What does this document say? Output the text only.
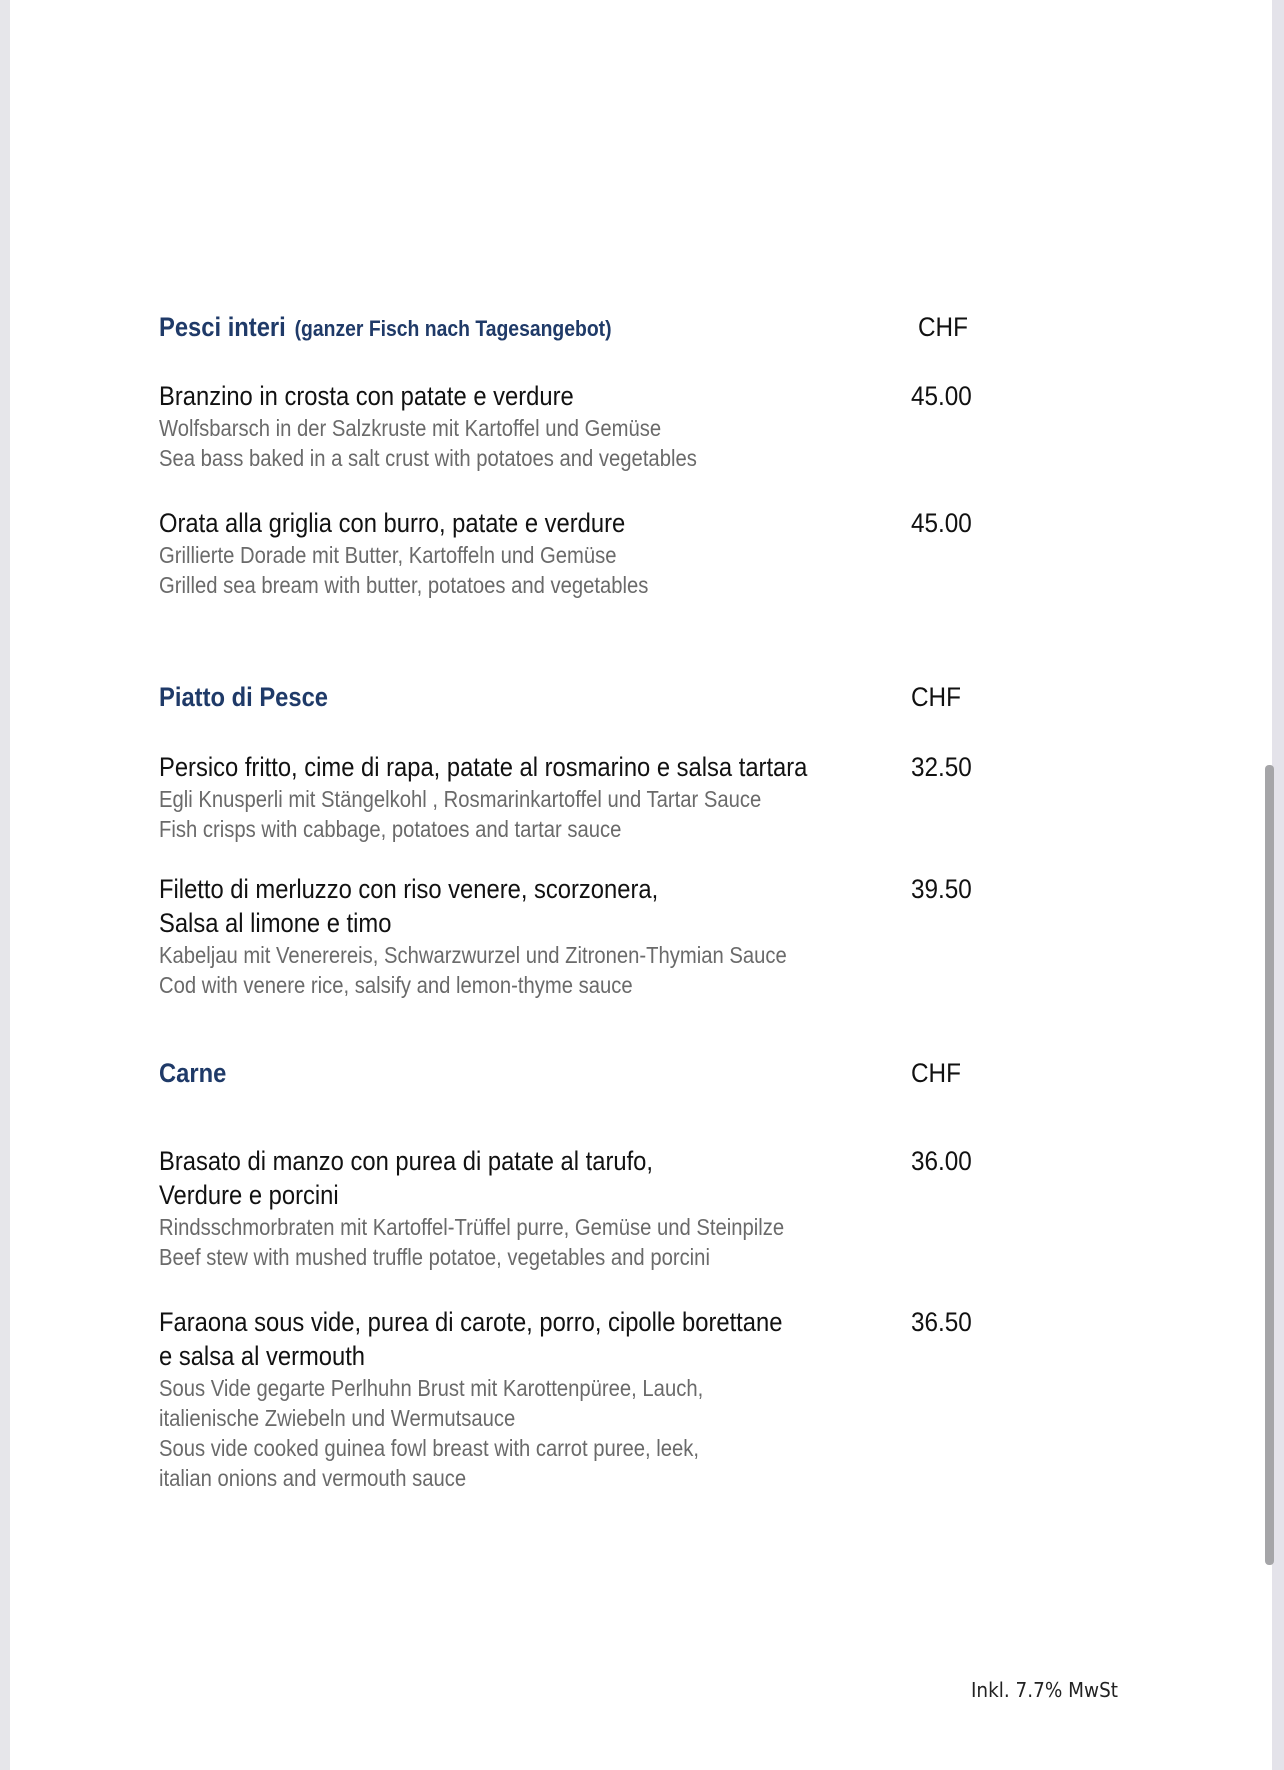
Pesci interi (ganzer Fisch nach Tagesangebot)	CHF
Branzino in crosta con patate e verdure
Wolfsbarsch in der Salzkruste mit Kartoffel und Gemüse
Sea bass baked in a salt crust with potatoes and vegetables
45.00
Orata alla griglia con burro, patate e verdure
Grillierte Dorade mit Butter, Kartoffeln und Gemüse
Grilled sea bream with butter, potatoes and vegetables
45.00
Piatto di Pesce	CHF
Persico fritto, cime di rapa, patate al rosmarino e salsa tartara
Egli Knusperli mit Stängelkohl , Rosmarinkartoffel und Tartar Sauce
Fish crisps with cabbage, potatoes and tartar sauce
32.50
Filetto di merluzzo con riso venere, scorzonera,
Salsa al limone e timo
Kabeljau mit Venerereis, Schwarzwurzel und Zitronen-Thymian Sauce
Cod with venere rice, salsify and lemon-thyme sauce
39.50
Carne	CHF
Brasato di manzo con purea di patate al tarufo,
Verdure e porcini
Rindsschmorbraten mit Kartoffel-Trüffel purre, Gemüse und Steinpilze
Beef stew with mushed truffle potatoe, vegetables and porcini
36.00
Faraona sous vide, purea di carote, porro, cipolle borettane
e salsa al vermouth
Sous Vide gegarte Perlhuhn Brust mit Karottenpüree, Lauch,
italienische Zwiebeln und Wermutsauce
Sous vide cooked guinea fowl breast with carrot puree, leek,
italian onions and vermouth sauce
36.50
Inkl. 7.7% MwSt
